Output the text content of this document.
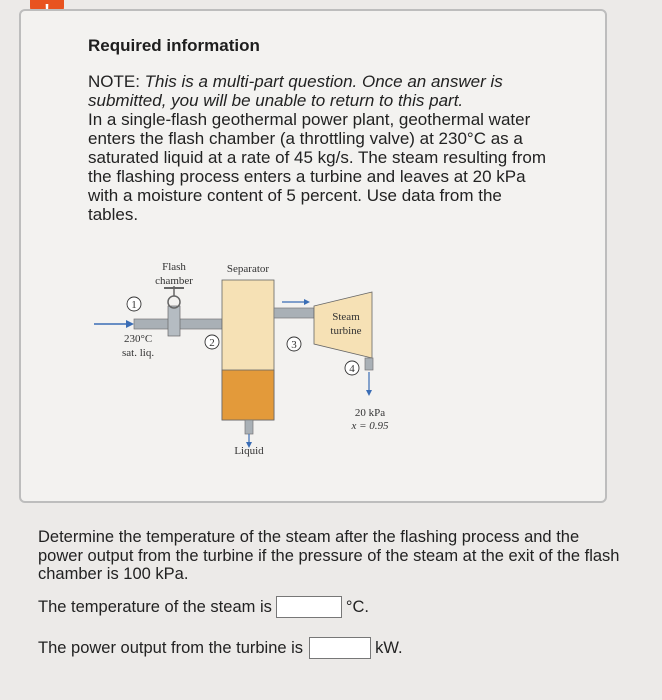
Required information

NOTE: This is a multi-part question. Once an answer is submitted, you will be unable to return to this part.

In a single-flash geothermal power plant, geothermal water enters the flash chamber (a throttling valve) at 230°C as a saturated liquid at a rate of 45 kg/s. The steam resulting from the flashing process enters a turbine and leaves at 20 kPa with a moisture content of 5 percent. Use data from the tables.

Flash
chamber
Separator
Steam
turbine
230°C
sat. liq.
20 kPa
x = 0.95
Liquid
1
2	3
4
Determine the temperature of the steam after the flashing process and the power output from the turbine if the pressure of the steam at the exit of the flash chamber is 100 kPa.
The temperature of the steam is	°C.
The power output from the turbine is	kW.
